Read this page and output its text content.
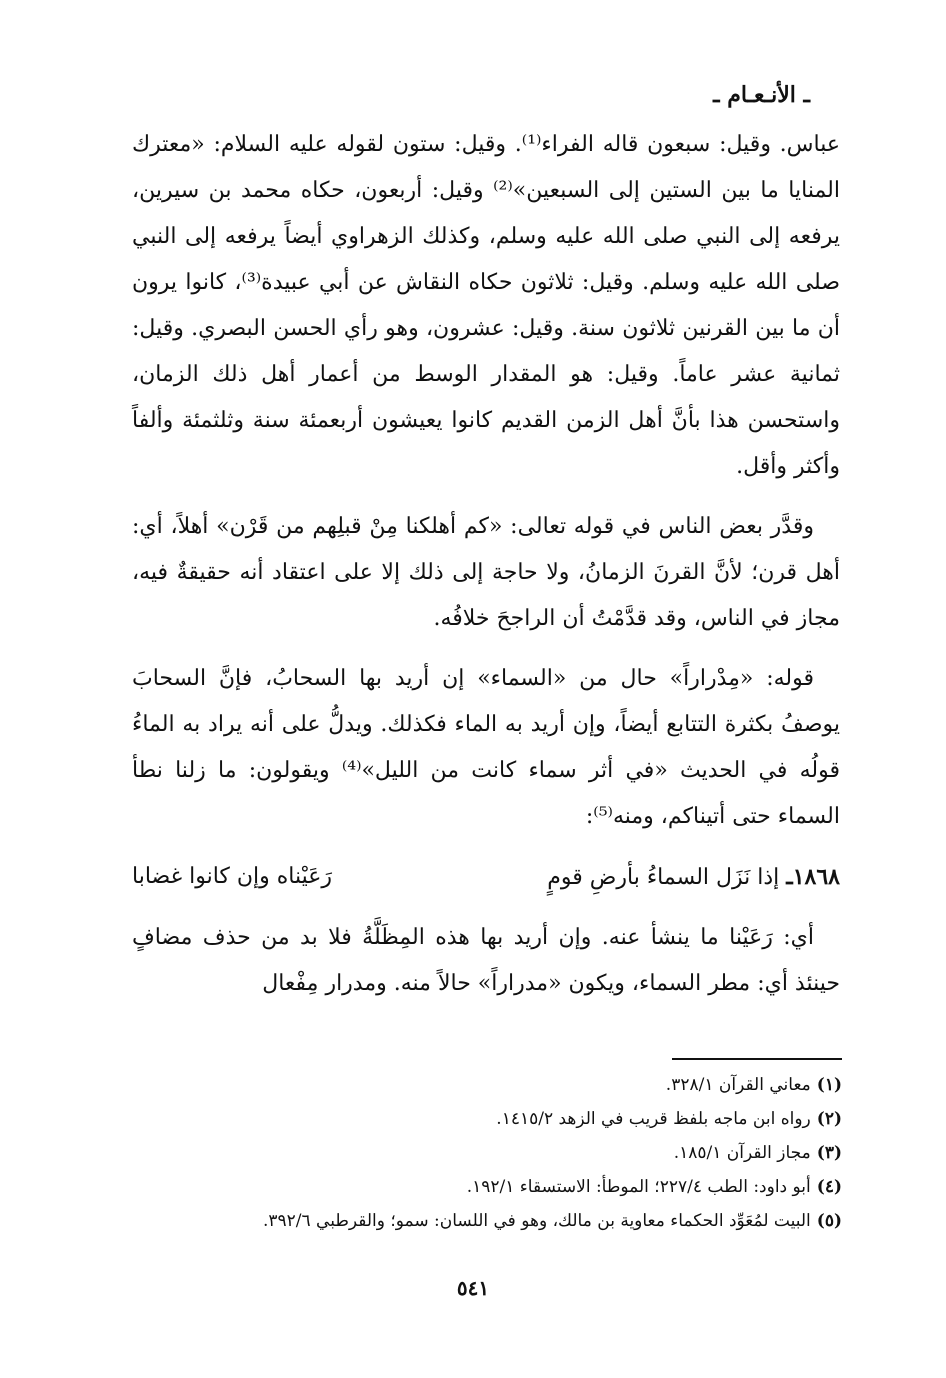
ـ الأنـعـام ـ

عباس. وقيل: سبعون قاله الفراء⁽¹⁾. وقيل: ستون لقوله عليه السلام: «معترك المنايا ما بين الستين إلى السبعين»⁽²⁾ وقيل: أربعون، حكاه محمد بن سيرين، يرفعه إلى النبي صلى الله عليه وسلم، وكذلك الزهراوي أيضاً يرفعه إلى النبي صلى الله عليه وسلم. وقيل: ثلاثون حكاه النقاش عن أبي عبيدة⁽³⁾، كانوا يرون أن ما بين القرنين ثلاثون سنة. وقيل: عشرون، وهو رأي الحسن البصري. وقيل: ثمانية عشر عاماً. وقيل: هو المقدار الوسط من أعمار أهل ذلك الزمان، واستحسن هذا بأنَّ أهل الزمن القديم كانوا يعيشون أربعمئة سنة وثلثمئة وألفاً وأكثر وأقل.

وقدَّر بعض الناس في قوله تعالى: «كم أهلكنا مِنْ قبلِهم من قَرْن» أهلاً، أي: أهل قرن؛ لأنَّ القرنَ الزمانُ، ولا حاجة إلى ذلك إلا على اعتقاد أنه حقيقةٌ فيه، مجاز في الناس، وقد قدَّمْتُ أن الراجحَ خلافُه.

قوله: «مِدْراراً» حال من «السماء» إن أريد بها السحابُ، فإنَّ السحابَ يوصفُ بكثرة التتابع أيضاً، وإن أريد به الماء فكذلك. ويدلُّ على أنه يراد به الماءُ قولُه في الحديث «في أثر سماء كانت من الليل»⁽⁴⁾ ويقولون: ما زلنا نطأ السماء حتى أتيناكم، ومنه⁽⁵⁾:

١٨٦٨ـ إذا نَزَل السماءُ بأرضِ قومٍ
رَعَيْناه وإن كانوا غضابا

أي: رَعَيْنا ما ينشأ عنه. وإن أريد بها هذه المِظَلَّةُ فلا بد من حذف مضافٍ حينئذ أي: مطر السماء، ويكون «مدراراً» حالاً منه. ومدرار مِفْعال

(١)معاني القرآن ٣٢٨/١.
(٢)رواه ابن ماجه بلفظ قريب في الزهد ١٤١٥/٢.
(٣)مجاز القرآن ١٨٥/١.
(٤)أبو داود: الطب ٢٢٧/٤؛ الموطأ: الاستسقاء ١٩٢/١.
(٥)البيت لمُعَوِّد الحكماء معاوية بن مالك، وهو في اللسان: سمو؛ والقرطبي ٣٩٢/٦.
٥٤١
